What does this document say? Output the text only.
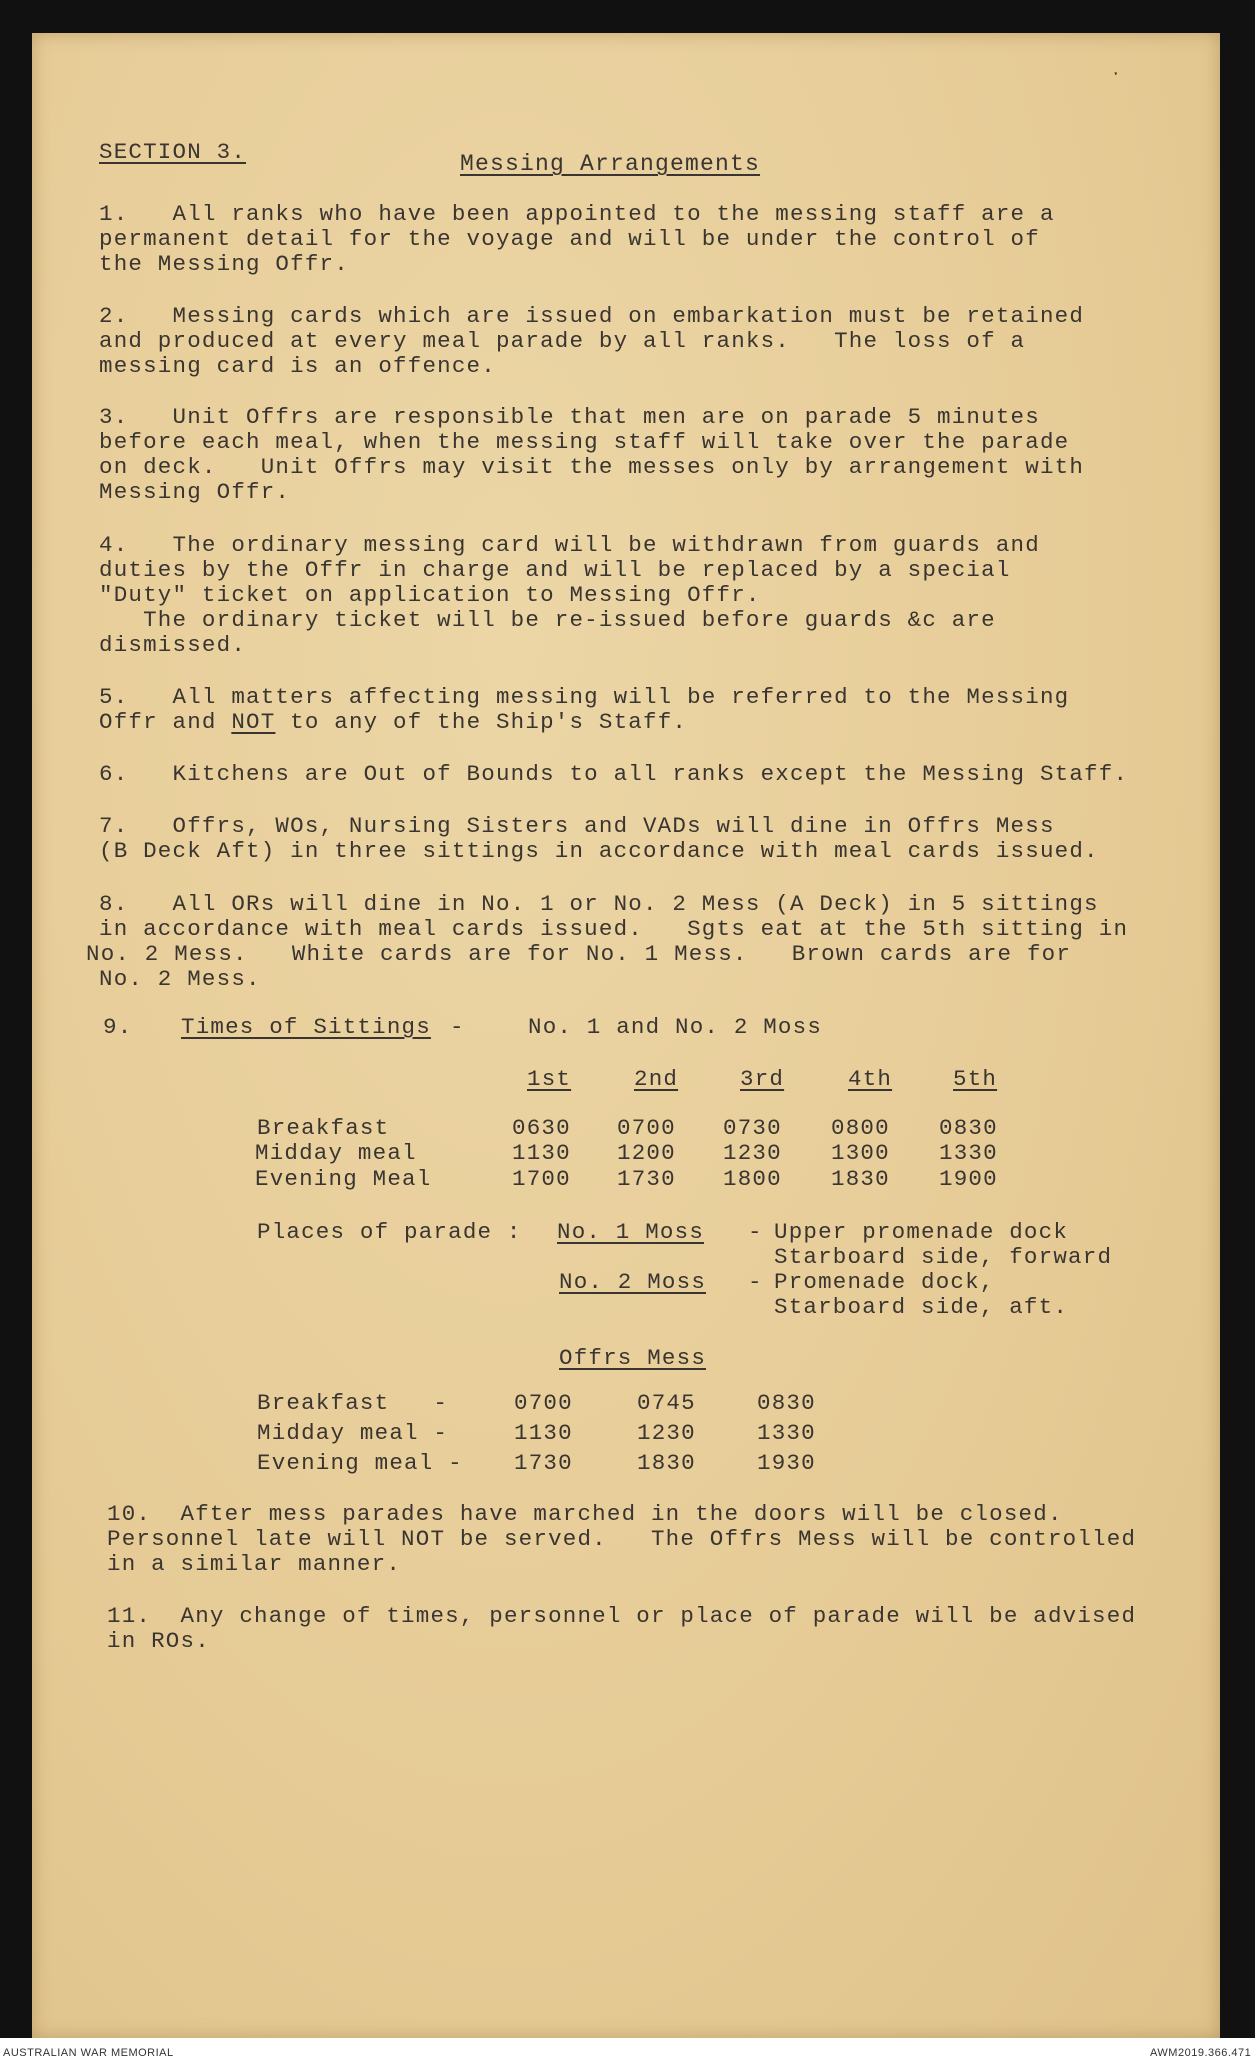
SECTION 3.	Messing Arrangements
ˑ
1.   All ranks who have been appointed to the messing staff are a
permanent detail for the voyage and will be under the control of
the Messing Offr.
2.   Messing cards which are issued on embarkation must be retained
and produced at every meal parade by all ranks.   The loss of a
messing card is an offence.
3.   Unit Offrs are responsible that men are on parade 5 minutes
before each meal, when the messing staff will take over the parade
on deck.   Unit Offrs may visit the messes only by arrangement with
Messing Offr.
4.   The ordinary messing card will be withdrawn from guards and
duties by the Offr in charge and will be replaced by a special
"Duty" ticket on application to Messing Offr.
The ordinary ticket will be re-issued before guards &c are
dismissed.
5.   All matters affecting messing will be referred to the Messing
Offr and NOT to any of the Ship's Staff.
6.   Kitchens are Out of Bounds to all ranks except the Messing Staff.
7.   Offrs, WOs, Nursing Sisters and VADs will dine in Offrs Mess
(B Deck Aft) in three sittings in accordance with meal cards issued.
8.   All ORs will dine in No. 1 or No. 2 Mess (A Deck) in 5 sittings
in accordance with meal cards issued.   Sgts eat at the 5th sitting in
No. 2 Mess.   White cards are for No. 1 Mess.   Brown cards are for
No. 2 Mess.
9. Times of Sittings -	No. 1 and No. 2 Moss
1st	2nd	3rd	4th	5th
Breakfast	0630 0700 0730 0800 0830
Midday meal	1130 1200 1230 1300 1330
Evening Meal	1700 1730 1800 1830 1900
Places of parade : No. 1 Moss - Upper promenade dock
Starboard side, forward
No. 2 Moss - Promenade dock,
Starboard side, aft.
Offrs Mess
Breakfast   -	0700	0745	0830
Midday meal -	1130	1230	1330
Evening meal - 1730	1830	1930
10.  After mess parades have marched in the doors will be closed.
Personnel late will NOT be served.   The Offrs Mess will be controlled
in a similar manner.
11.  Any change of times, personnel or place of parade will be advised
in ROs.
AUSTRALIAN WAR MEMORIAL	AWM2019.366.471
